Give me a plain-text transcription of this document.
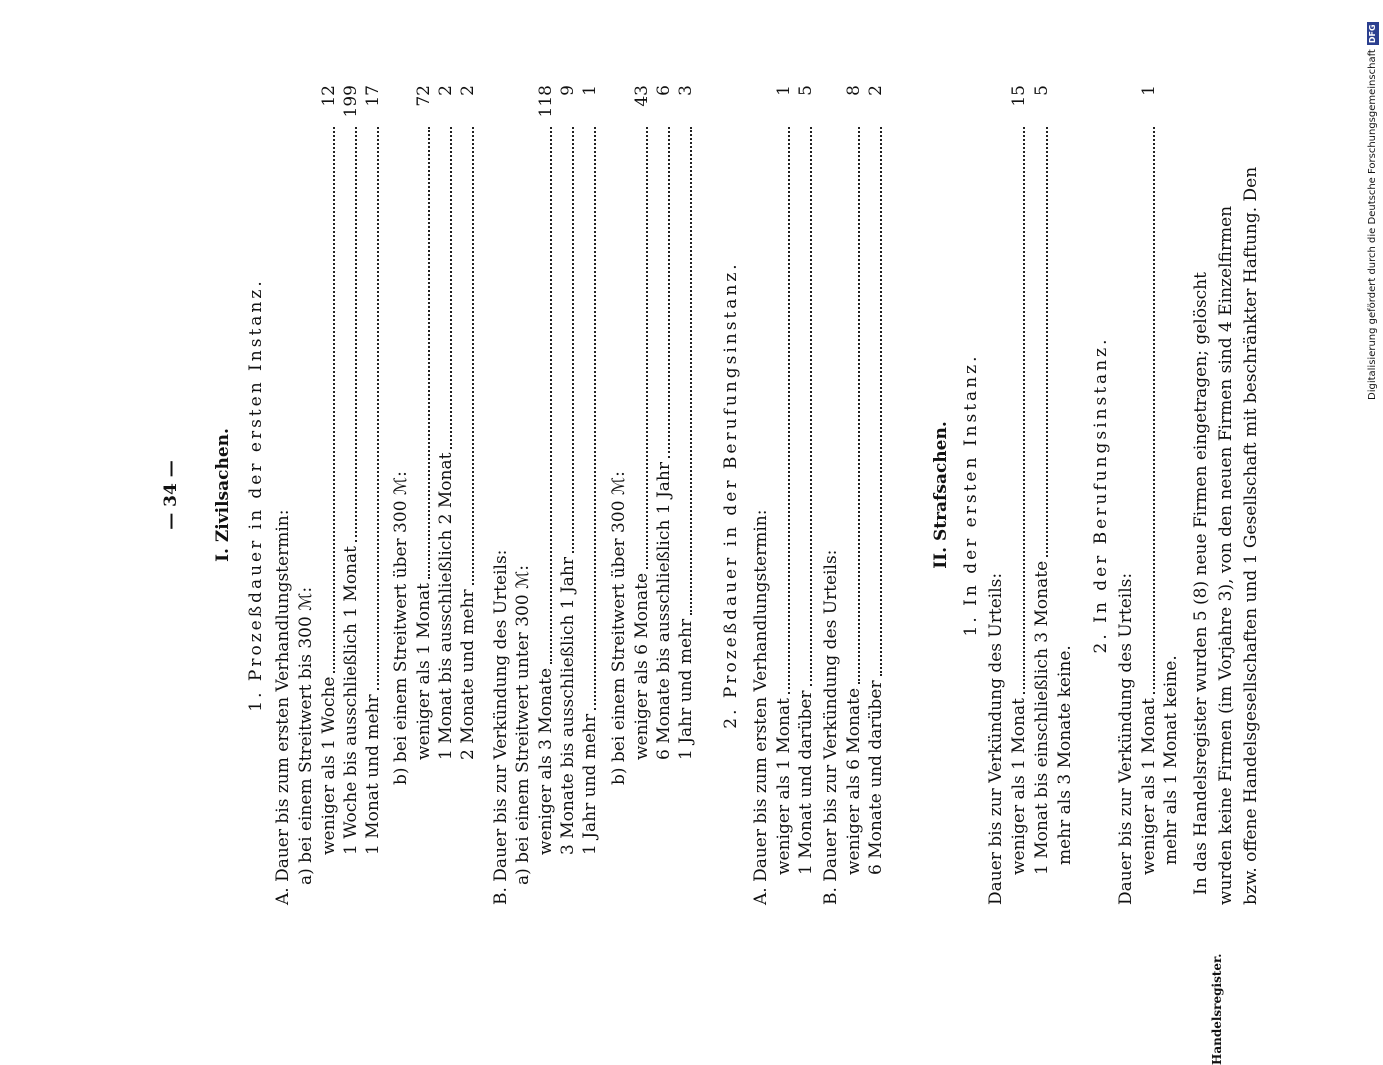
— 34 — I. Zivilsachen. 1. Prozeßdauer in der ersten Instanz. A. Dauer bis zum ersten Verhandlungstermin: a) bei einem Streitwert bis 300 ℳ: weniger als 1 Woche
12
1 Woche bis ausschließlich 1 Monat
199
1 Monat und mehr
17
b) bei einem Streitwert über 300 ℳ: weniger als 1 Monat
72
1 Monat bis ausschließlich 2 Monat
2
2 Monate und mehr
2
B. Dauer bis zur Verkündung des Urteils: a) bei einem Streitwert unter 300 ℳ: weniger als 3 Monate
118
3 Monate bis ausschließlich 1 Jahr
9
1 Jahr und mehr
1
b) bei einem Streitwert über 300 ℳ: weniger als 6 Monate
43
6 Monate bis ausschließlich 1 Jahr
6
1 Jahr und mehr
3
2. Prozeßdauer in der Berufungsinstanz. A. Dauer bis zum ersten Verhandlungstermin: weniger als 1 Monat
1
1 Monat und darüber
5
B. Dauer bis zur Verkündung des Urteils: weniger als 6 Monate
8
6 Monate und darüber
2
II. Strafsachen. 1. In der ersten Instanz.
Dauer bis zur Verkündung des Urteils: weniger als 1 Monat
15
1 Monat bis einschließlich 3 Monate
5
mehr als 3 Monate keine.
2. In der Berufungsinstanz.
Dauer bis zur Verkündung des Urteils: weniger als 1 Monat
1
mehr als 1 Monat keine.
Handelsregister.
In das Handelsregister wurden 5 (8) neue Firmen eingetragen; gelöscht wurden keine Firmen (im Vorjahre 3), von den neuen Firmen sind 4 Einzelfirmen bzw. offene Handelsgesellschaften und 1 Gesellschaft mit beschränkter Haftung. Den	Digitalisierung gefördert durch die Deutsche Forschungsgemeinschaft
DFG
